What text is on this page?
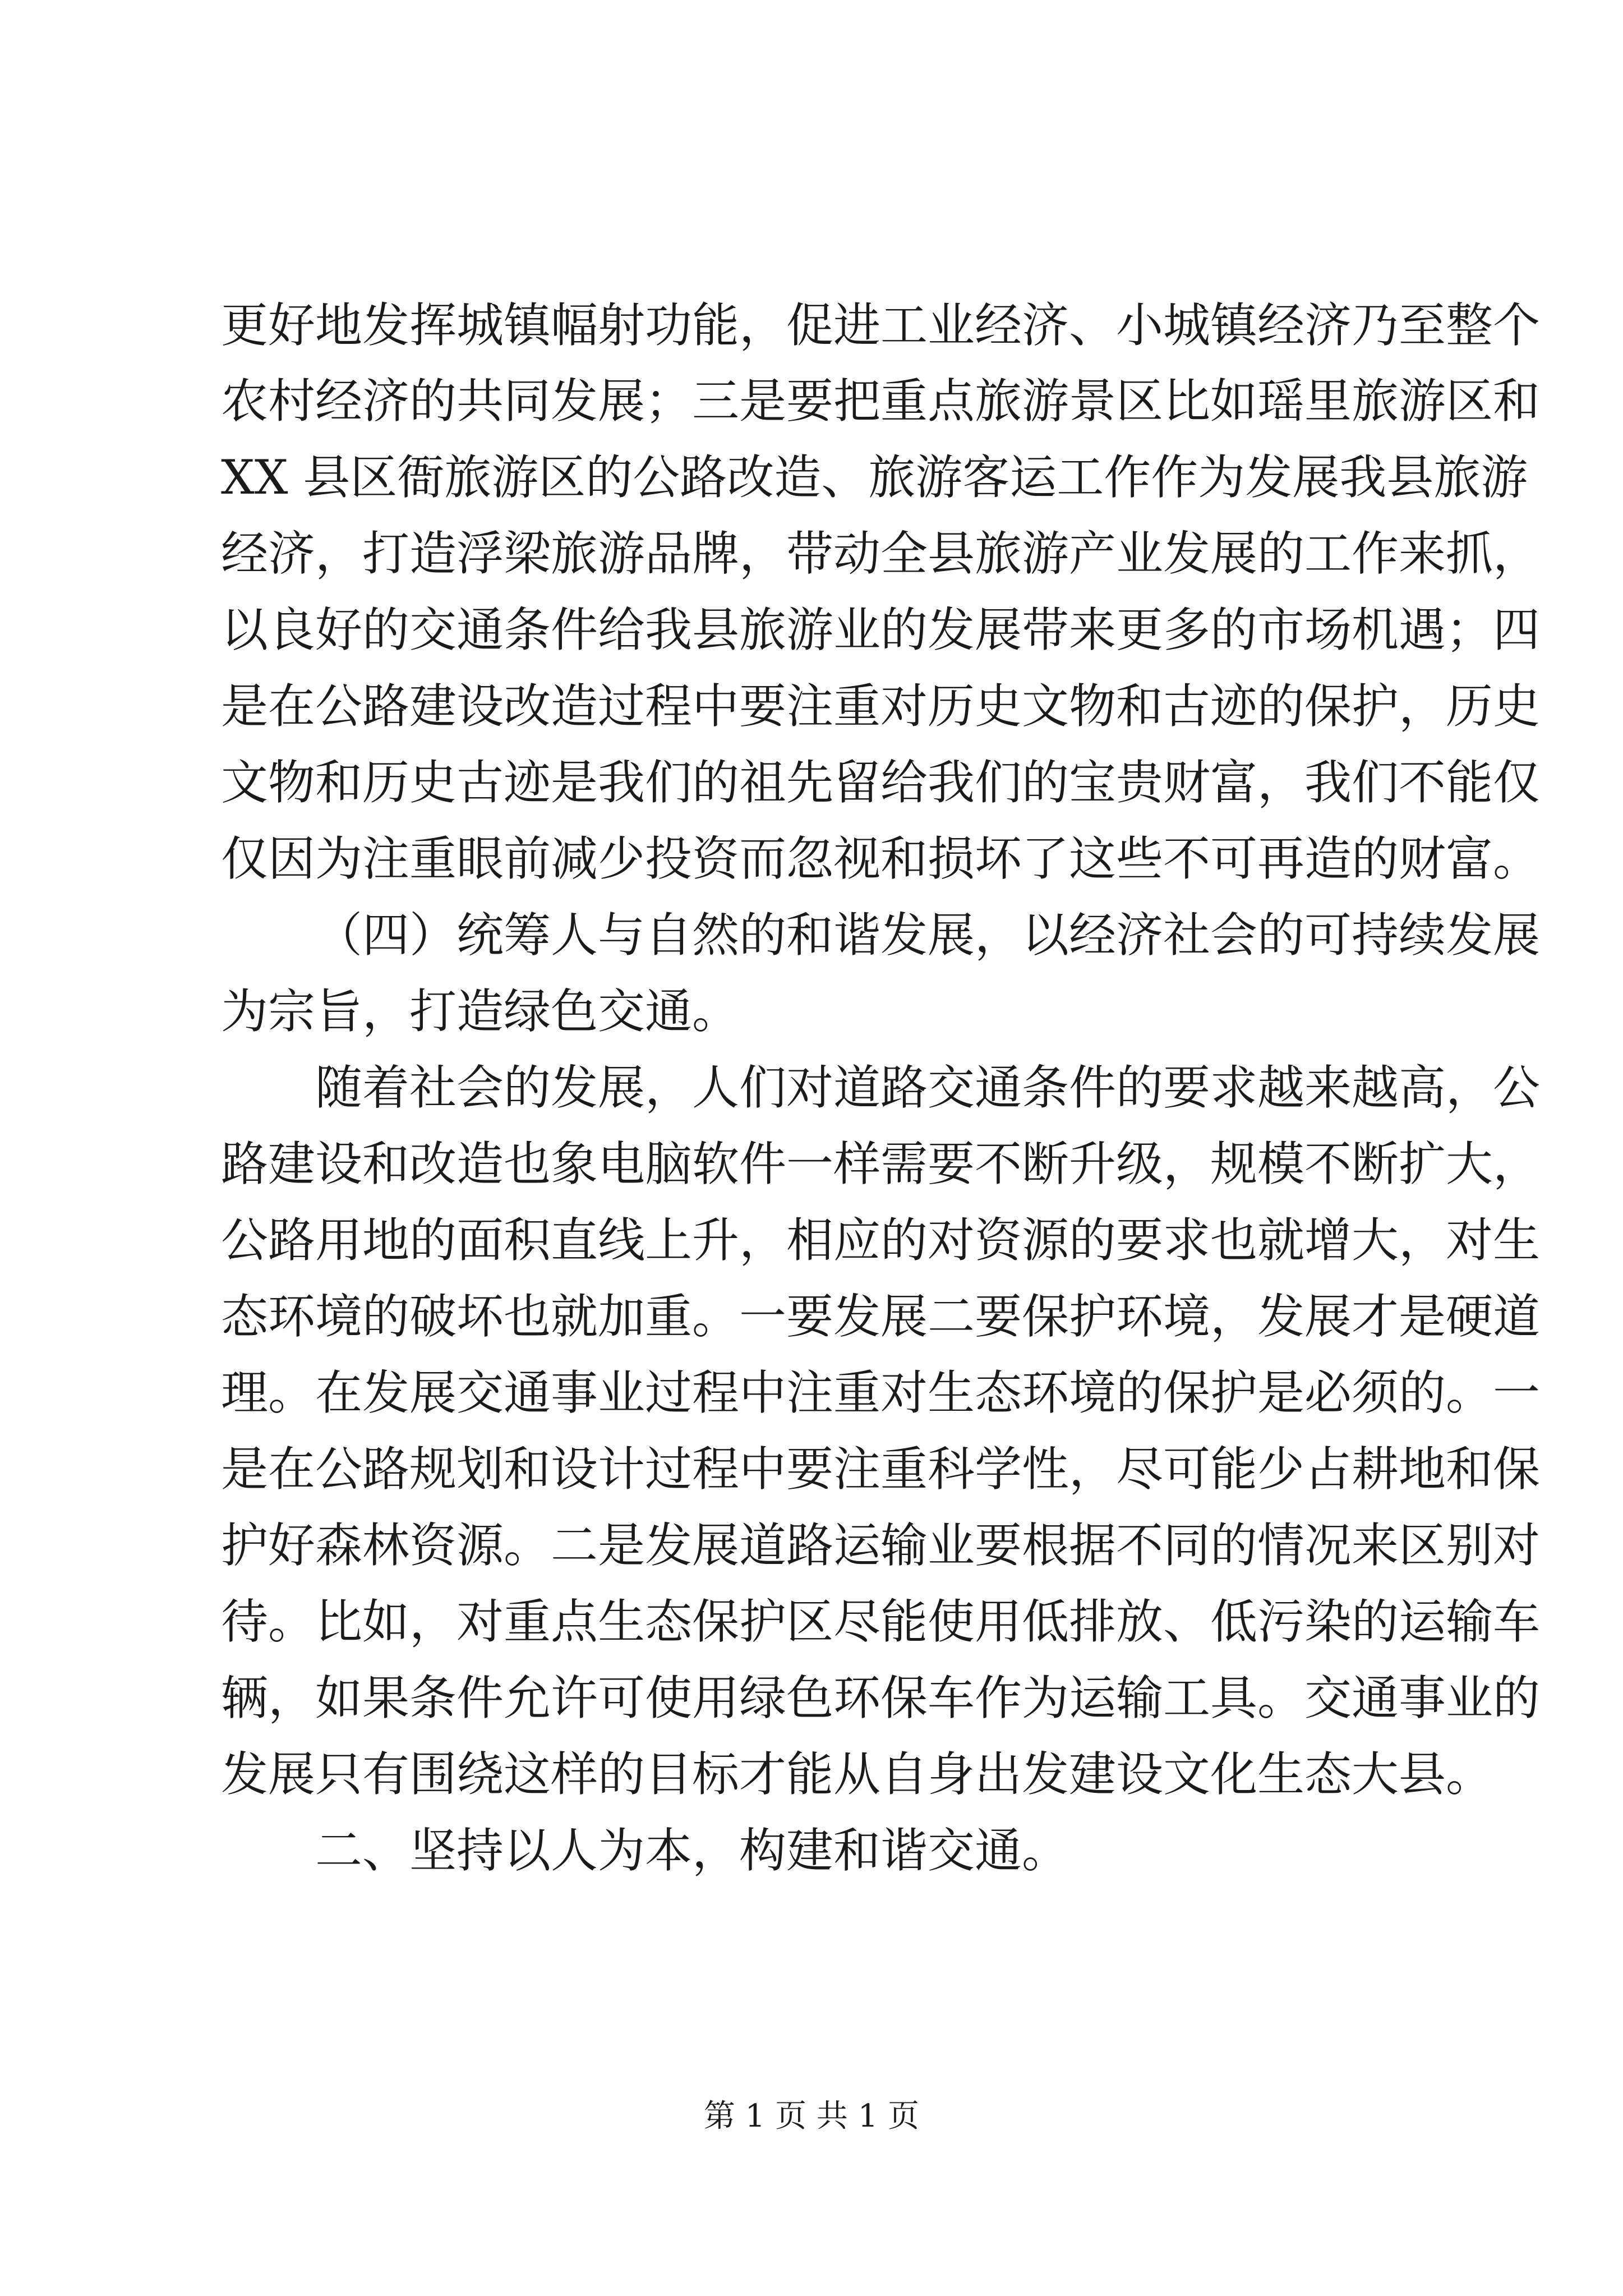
更好地发挥城镇幅射功能，促进工业经济、小城镇经济乃至整个
农村经济的共同发展；三是要把重点旅游景区比如瑶里旅游区和
XX 县区衙旅游区的公路改造、旅游客运工作作为发展我县旅游
经济，打造浮梁旅游品牌，带动全县旅游产业发展的工作来抓，
以良好的交通条件给我县旅游业的发展带来更多的市场机遇；四
是在公路建设改造过程中要注重对历史文物和古迹的保护，历史
文物和历史古迹是我们的祖先留给我们的宝贵财富，我们不能仅
仅因为注重眼前减少投资而忽视和损坏了这些不可再造的财富。
（四）统筹人与自然的和谐发展，以经济社会的可持续发展
为宗旨，打造绿色交通。
随着社会的发展，人们对道路交通条件的要求越来越高，公
路建设和改造也象电脑软件一样需要不断升级，规模不断扩大，
公路用地的面积直线上升，相应的对资源的要求也就增大，对生
态环境的破坏也就加重。一要发展二要保护环境，发展才是硬道
理。在发展交通事业过程中注重对生态环境的保护是必须的。一
是在公路规划和设计过程中要注重科学性，尽可能少占耕地和保
护好森林资源。二是发展道路运输业要根据不同的情况来区别对
待。比如，对重点生态保护区尽能使用低排放、低污染的运输车
辆，如果条件允许可使用绿色环保车作为运输工具。交通事业的
发展只有围绕这样的目标才能从自身出发建设文化生态大县。
二、坚持以人为本，构建和谐交通。
第 1 页 共 1 页
